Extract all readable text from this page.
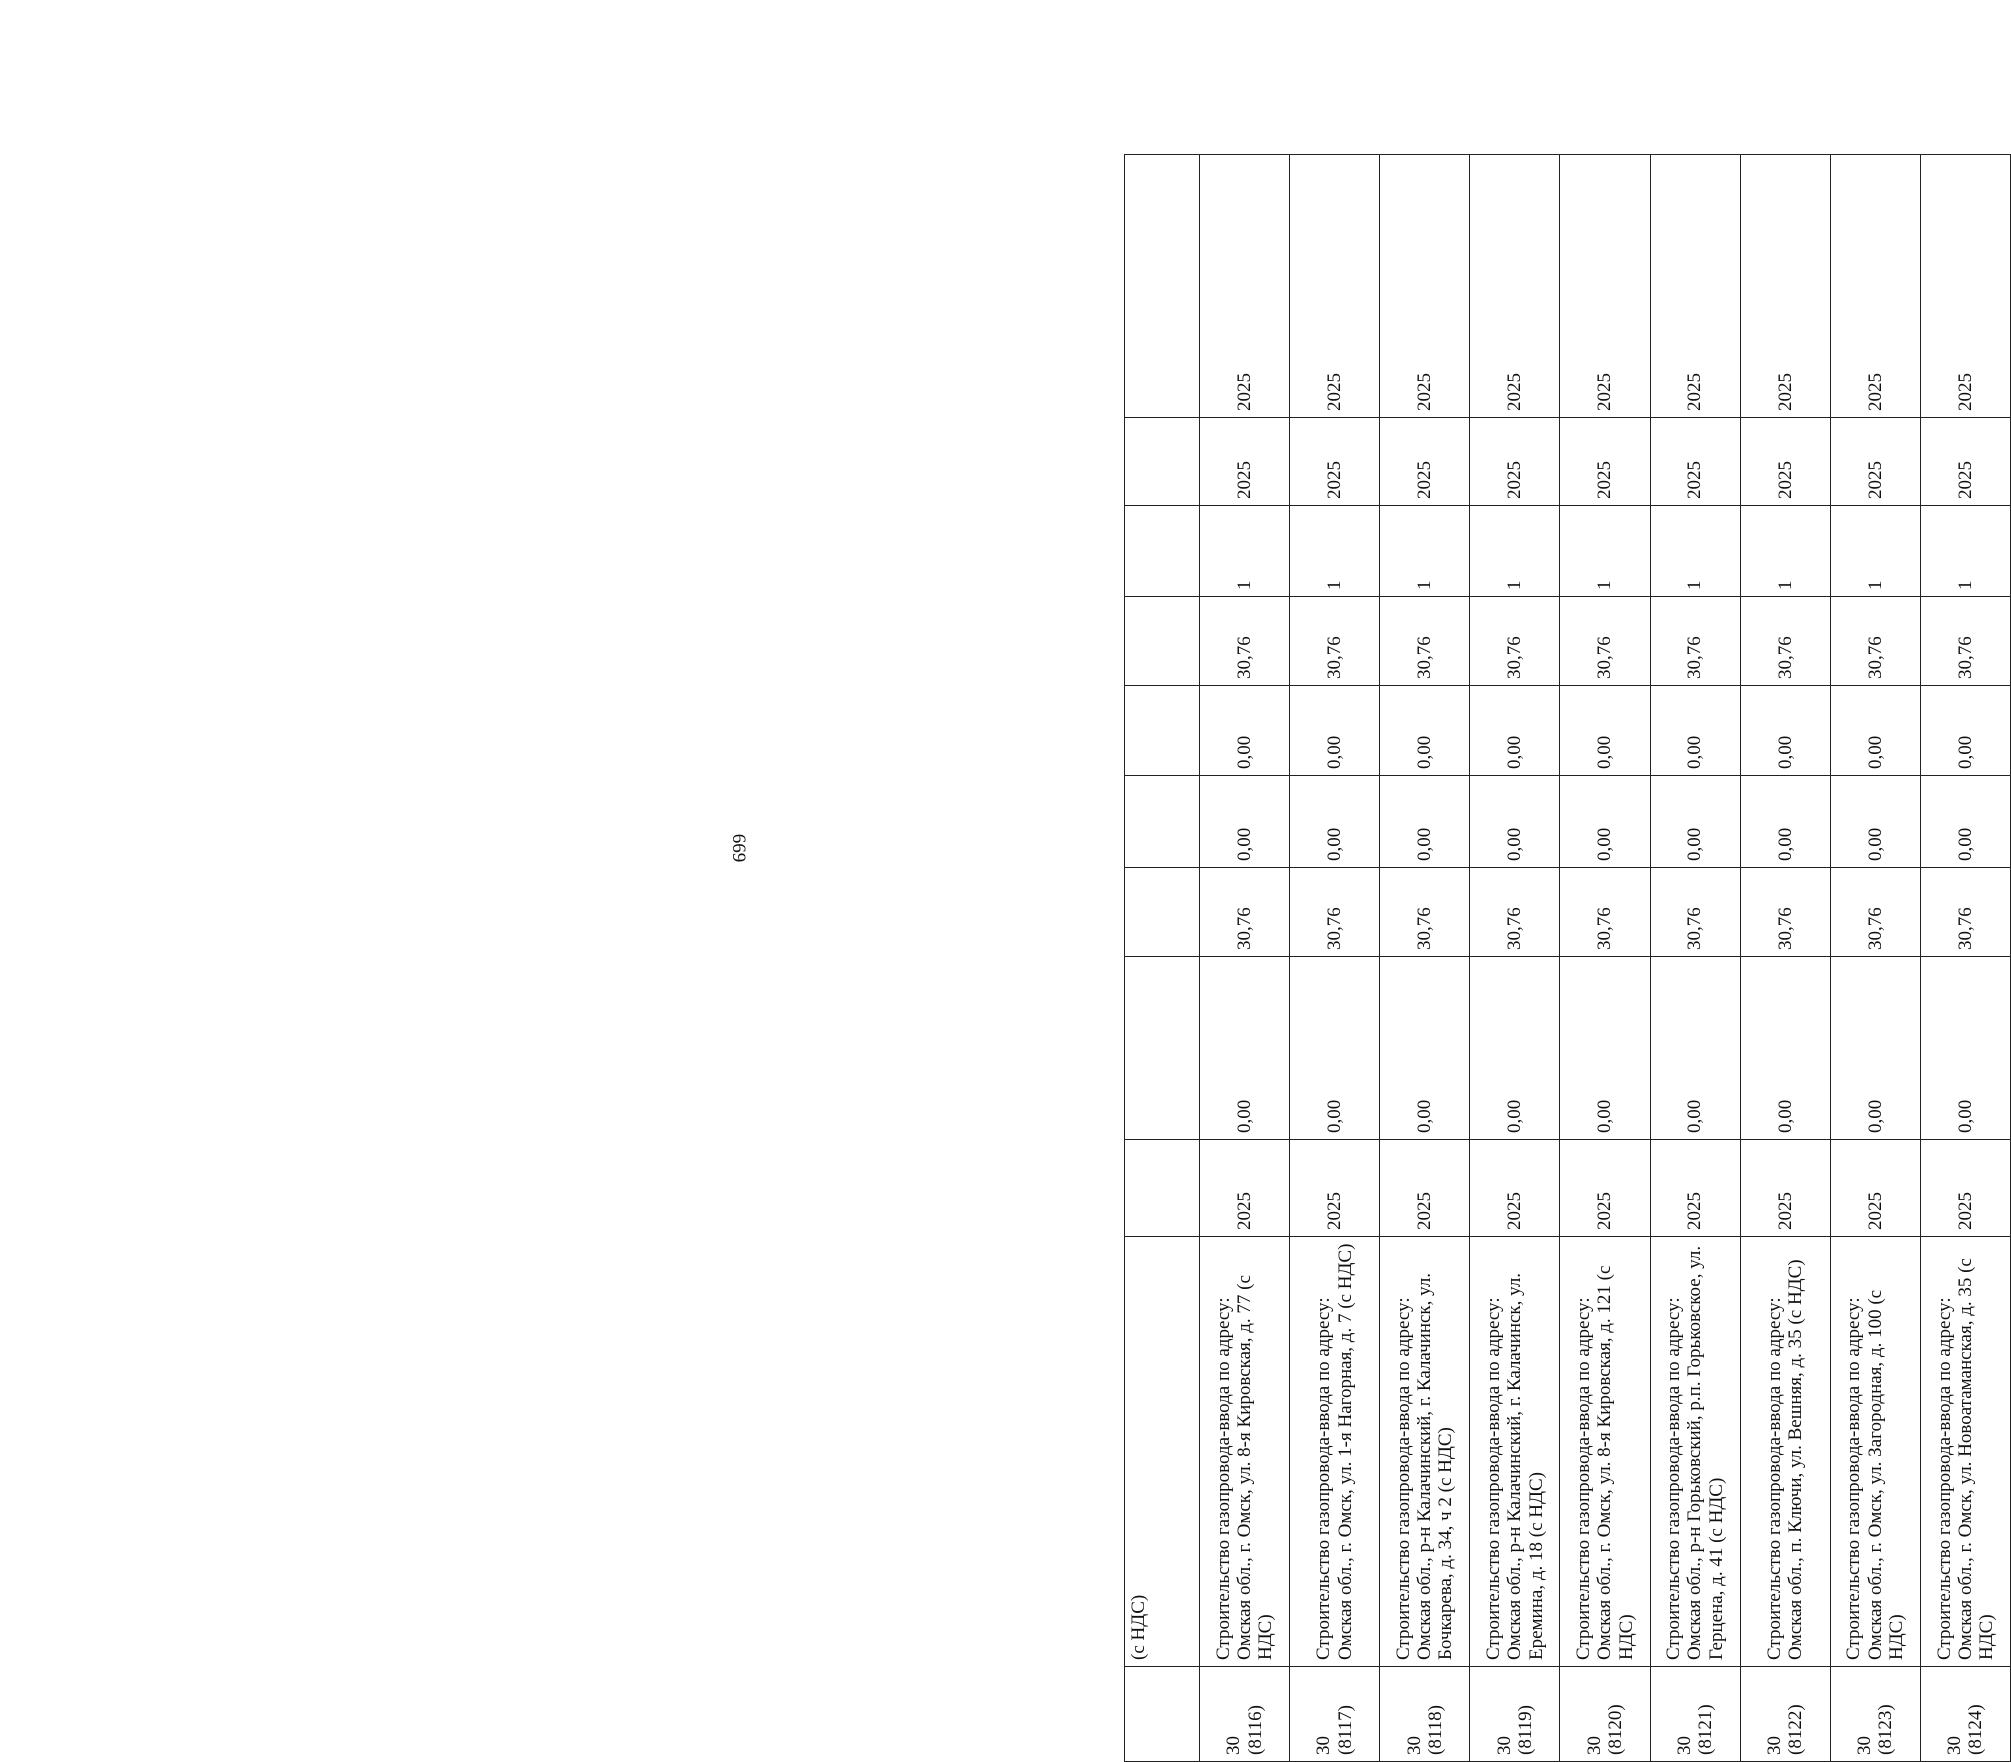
669
	(с НДС)									

30 (8116)	Строительство газопровода-ввода по адресу: Омская обл., г. Омск, ул. 8-я Кировская, д. 77 (с НДС)	2025	0,00	30,76	0,00	0,00	30,76	1	2025	2025

30 (8117)	Строительство газопровода-ввода по адресу: Омская обл., г. Омск, ул. 1-я Нагорная, д. 7 (с НДС)	2025	0,00	30,76	0,00	0,00	30,76	1	2025	2025

30 (8118)	Строительство газопровода-ввода по адресу: Омская обл., р-н Калачинский, г. Калачинск, ул. Бочкарева, д. 34, ч 2 (с НДС)	2025	0,00	30,76	0,00	0,00	30,76	1	2025	2025

30 (8119)	Строительство газопровода-ввода по адресу: Омская обл., р-н Калачинский, г. Калачинск, ул. Еремина, д. 18 (с НДС)	2025	0,00	30,76	0,00	0,00	30,76	1	2025	2025

30 (8120)	Строительство газопровода-ввода по адресу: Омская обл., г. Омск, ул. 8-я Кировская, д. 121 (с НДС)	2025	0,00	30,76	0,00	0,00	30,76	1	2025	2025

30 (8121)	Строительство газопровода-ввода по адресу: Омская обл., р-н Горьковский, р.п. Горьковское, ул. Герцена, д. 41 (с НДС)	2025	0,00	30,76	0,00	0,00	30,76	1	2025	2025

30 (8122)	Строительство газопровода-ввода по адресу: Омская обл., п. Ключи, ул. Вешняя, д. 35 (с НДС)	2025	0,00	30,76	0,00	0,00	30,76	1	2025	2025

30 (8123)	Строительство газопровода-ввода по адресу: Омская обл., г. Омск, ул. Загородная, д. 100 (с НДС)	2025	0,00	30,76	0,00	0,00	30,76	1	2025	2025

30 (8124)	Строительство газопровода-ввода по адресу: Омская обл., г. Омск, ул. Новоатаманская, д. 35 (с НДС)	2025	0,00	30,76	0,00	0,00	30,76	1	2025	2025
